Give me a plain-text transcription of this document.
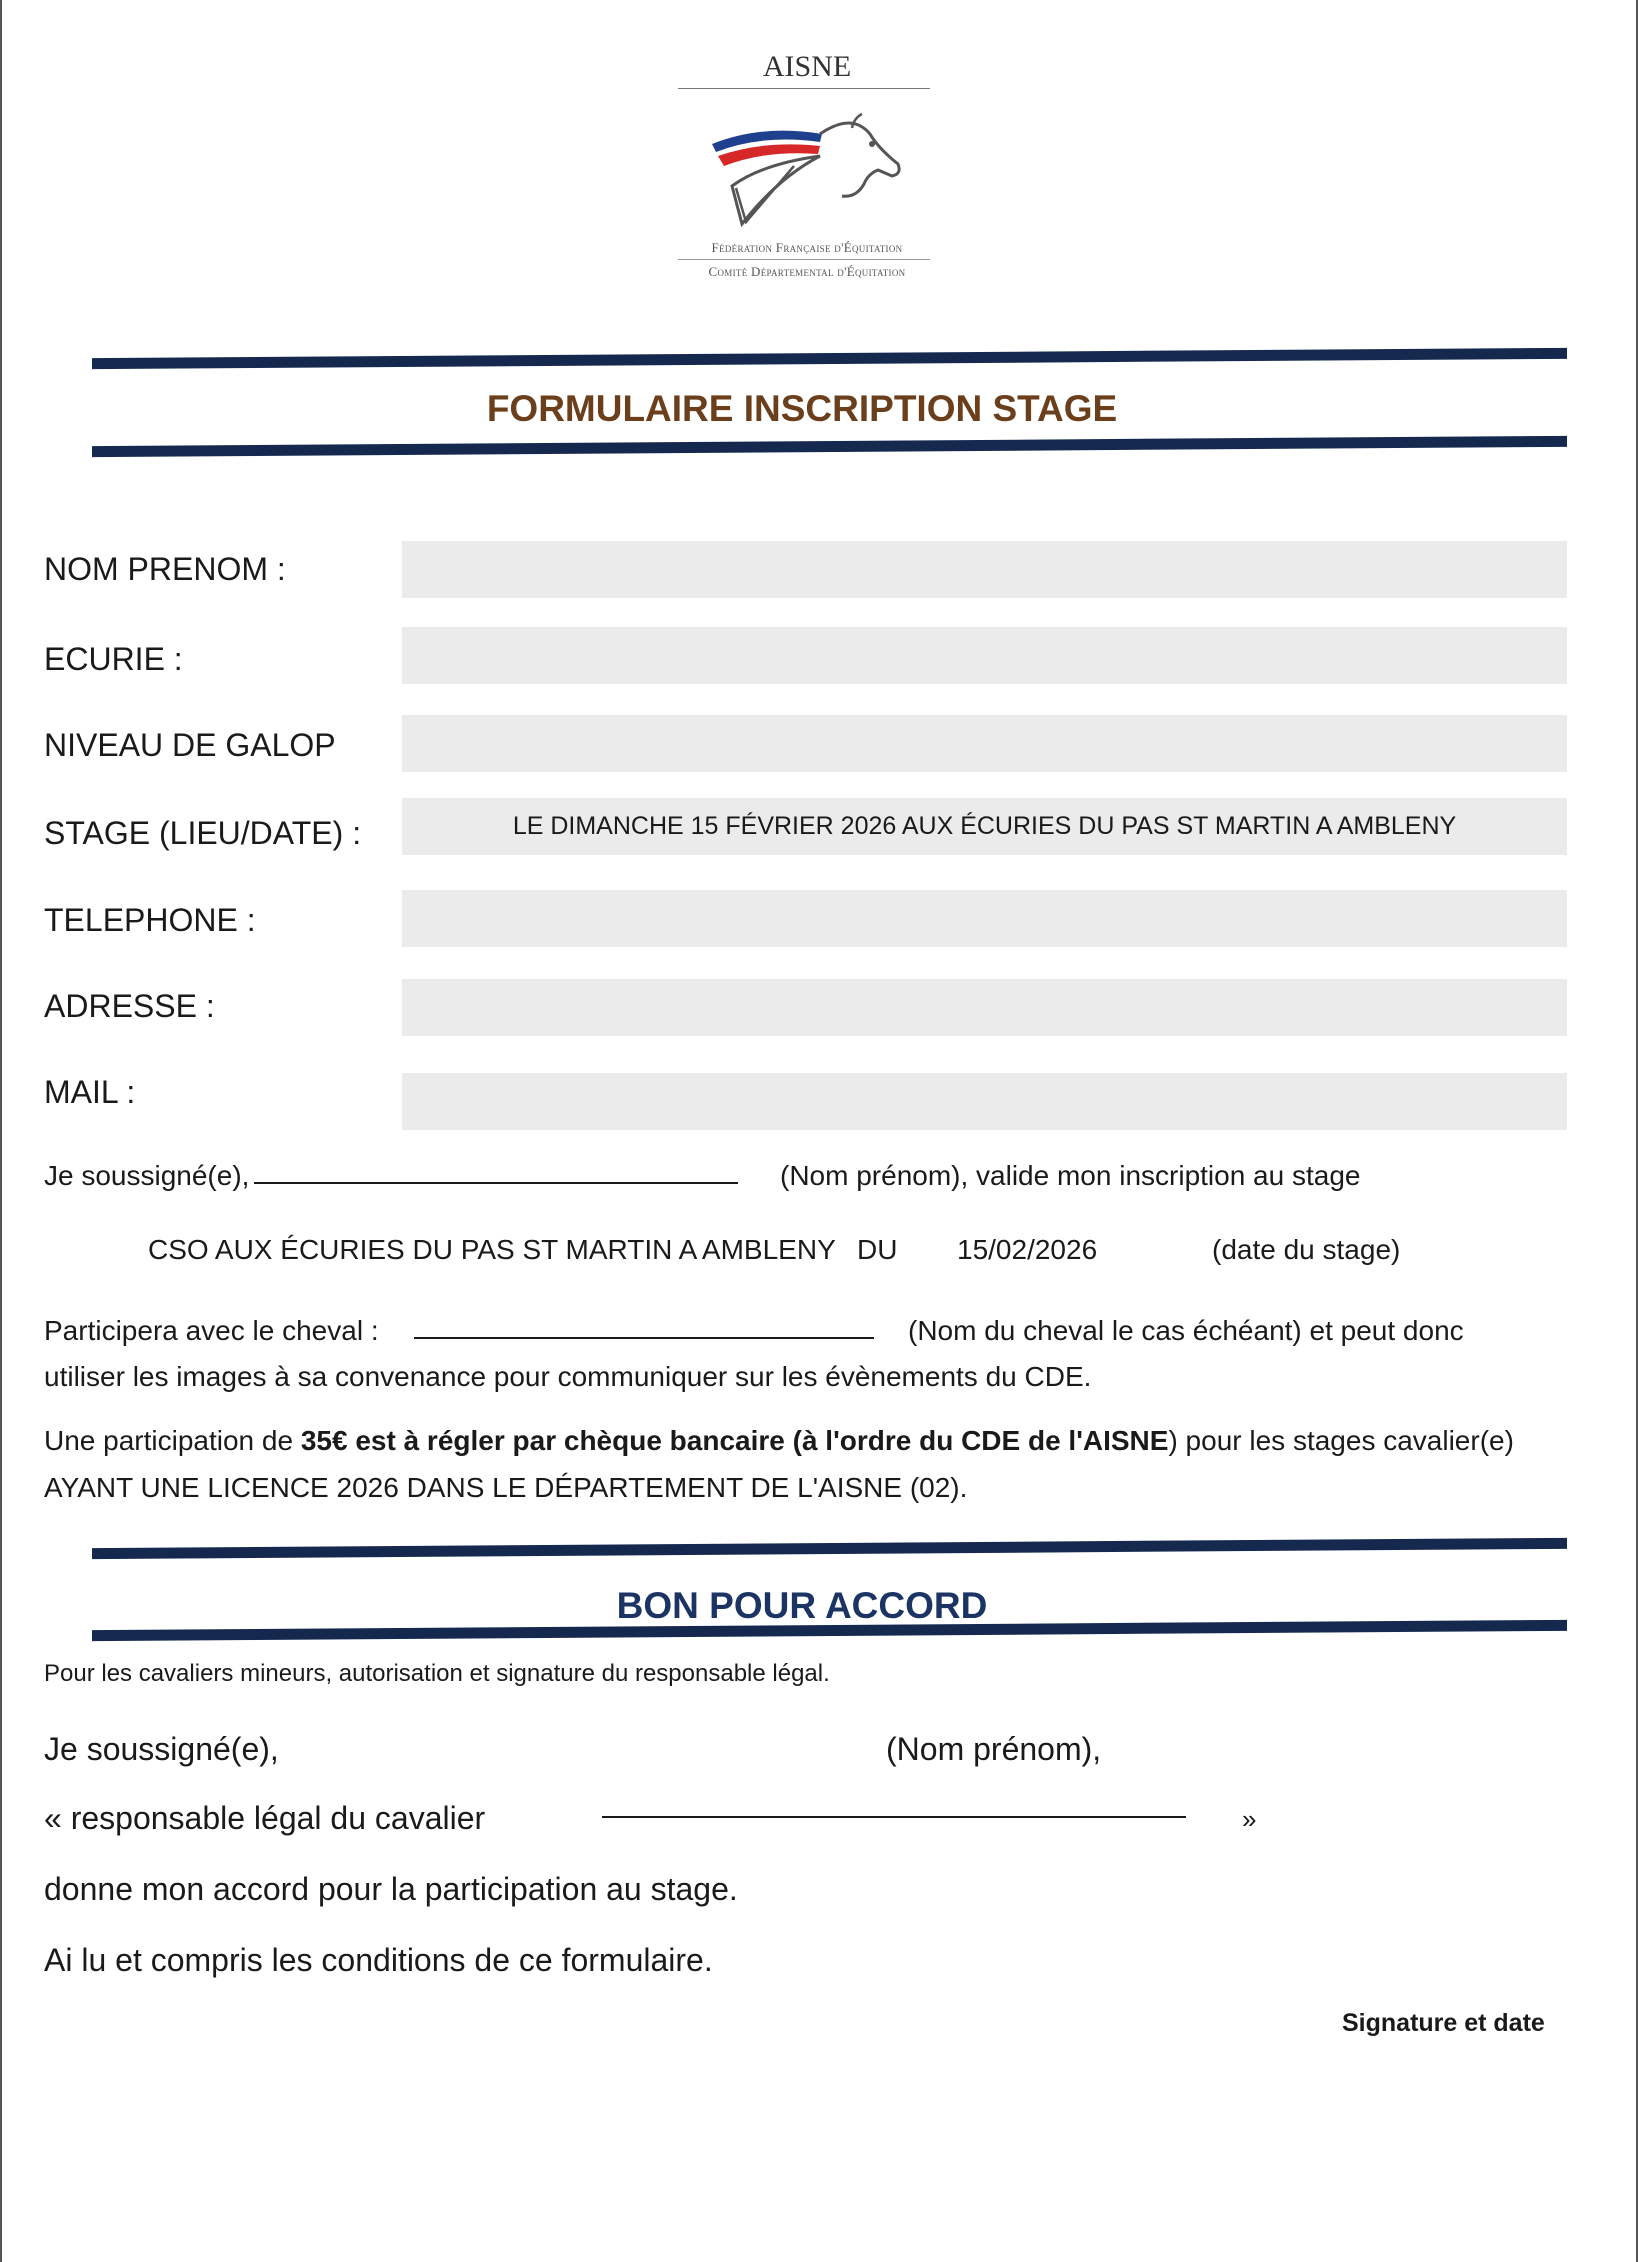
AISNE
Fédération Française d'Équitation
Comité Départemental d'Équitation
FORMULAIRE INSCRIPTION STAGE
NOM PRENOM :
ECURIE :
NIVEAU DE GALOP
STAGE (LIEU/DATE) :	LE DIMANCHE 15 FÉVRIER 2026 AUX ÉCURIES DU PAS ST MARTIN A AMBLENY
TELEPHONE :
ADRESSE :
MAIL :
Je soussigné(e),	(Nom prénom), valide mon inscription au stage
CSO AUX ÉCURIES DU PAS ST MARTIN A AMBLENY DU 15/02/2026	(date du stage)
Participera avec le cheval :	(Nom du cheval le cas échéant) et peut donc
utiliser les images à sa convenance pour communiquer sur les évènements du CDE.
Une participation de 35€ est à régler par chèque bancaire (à l'ordre du CDE de l'AISNE) pour les stages cavalier(e)
AYANT UNE LICENCE 2026 DANS LE DÉPARTEMENT DE L'AISNE (02).
BON POUR ACCORD
Pour les cavaliers mineurs, autorisation et signature du responsable légal.
Je soussigné(e),	(Nom prénom),
« responsable légal du cavalier	»
donne mon accord pour la participation au stage.
Ai lu et compris les conditions de ce formulaire.
Signature et date
